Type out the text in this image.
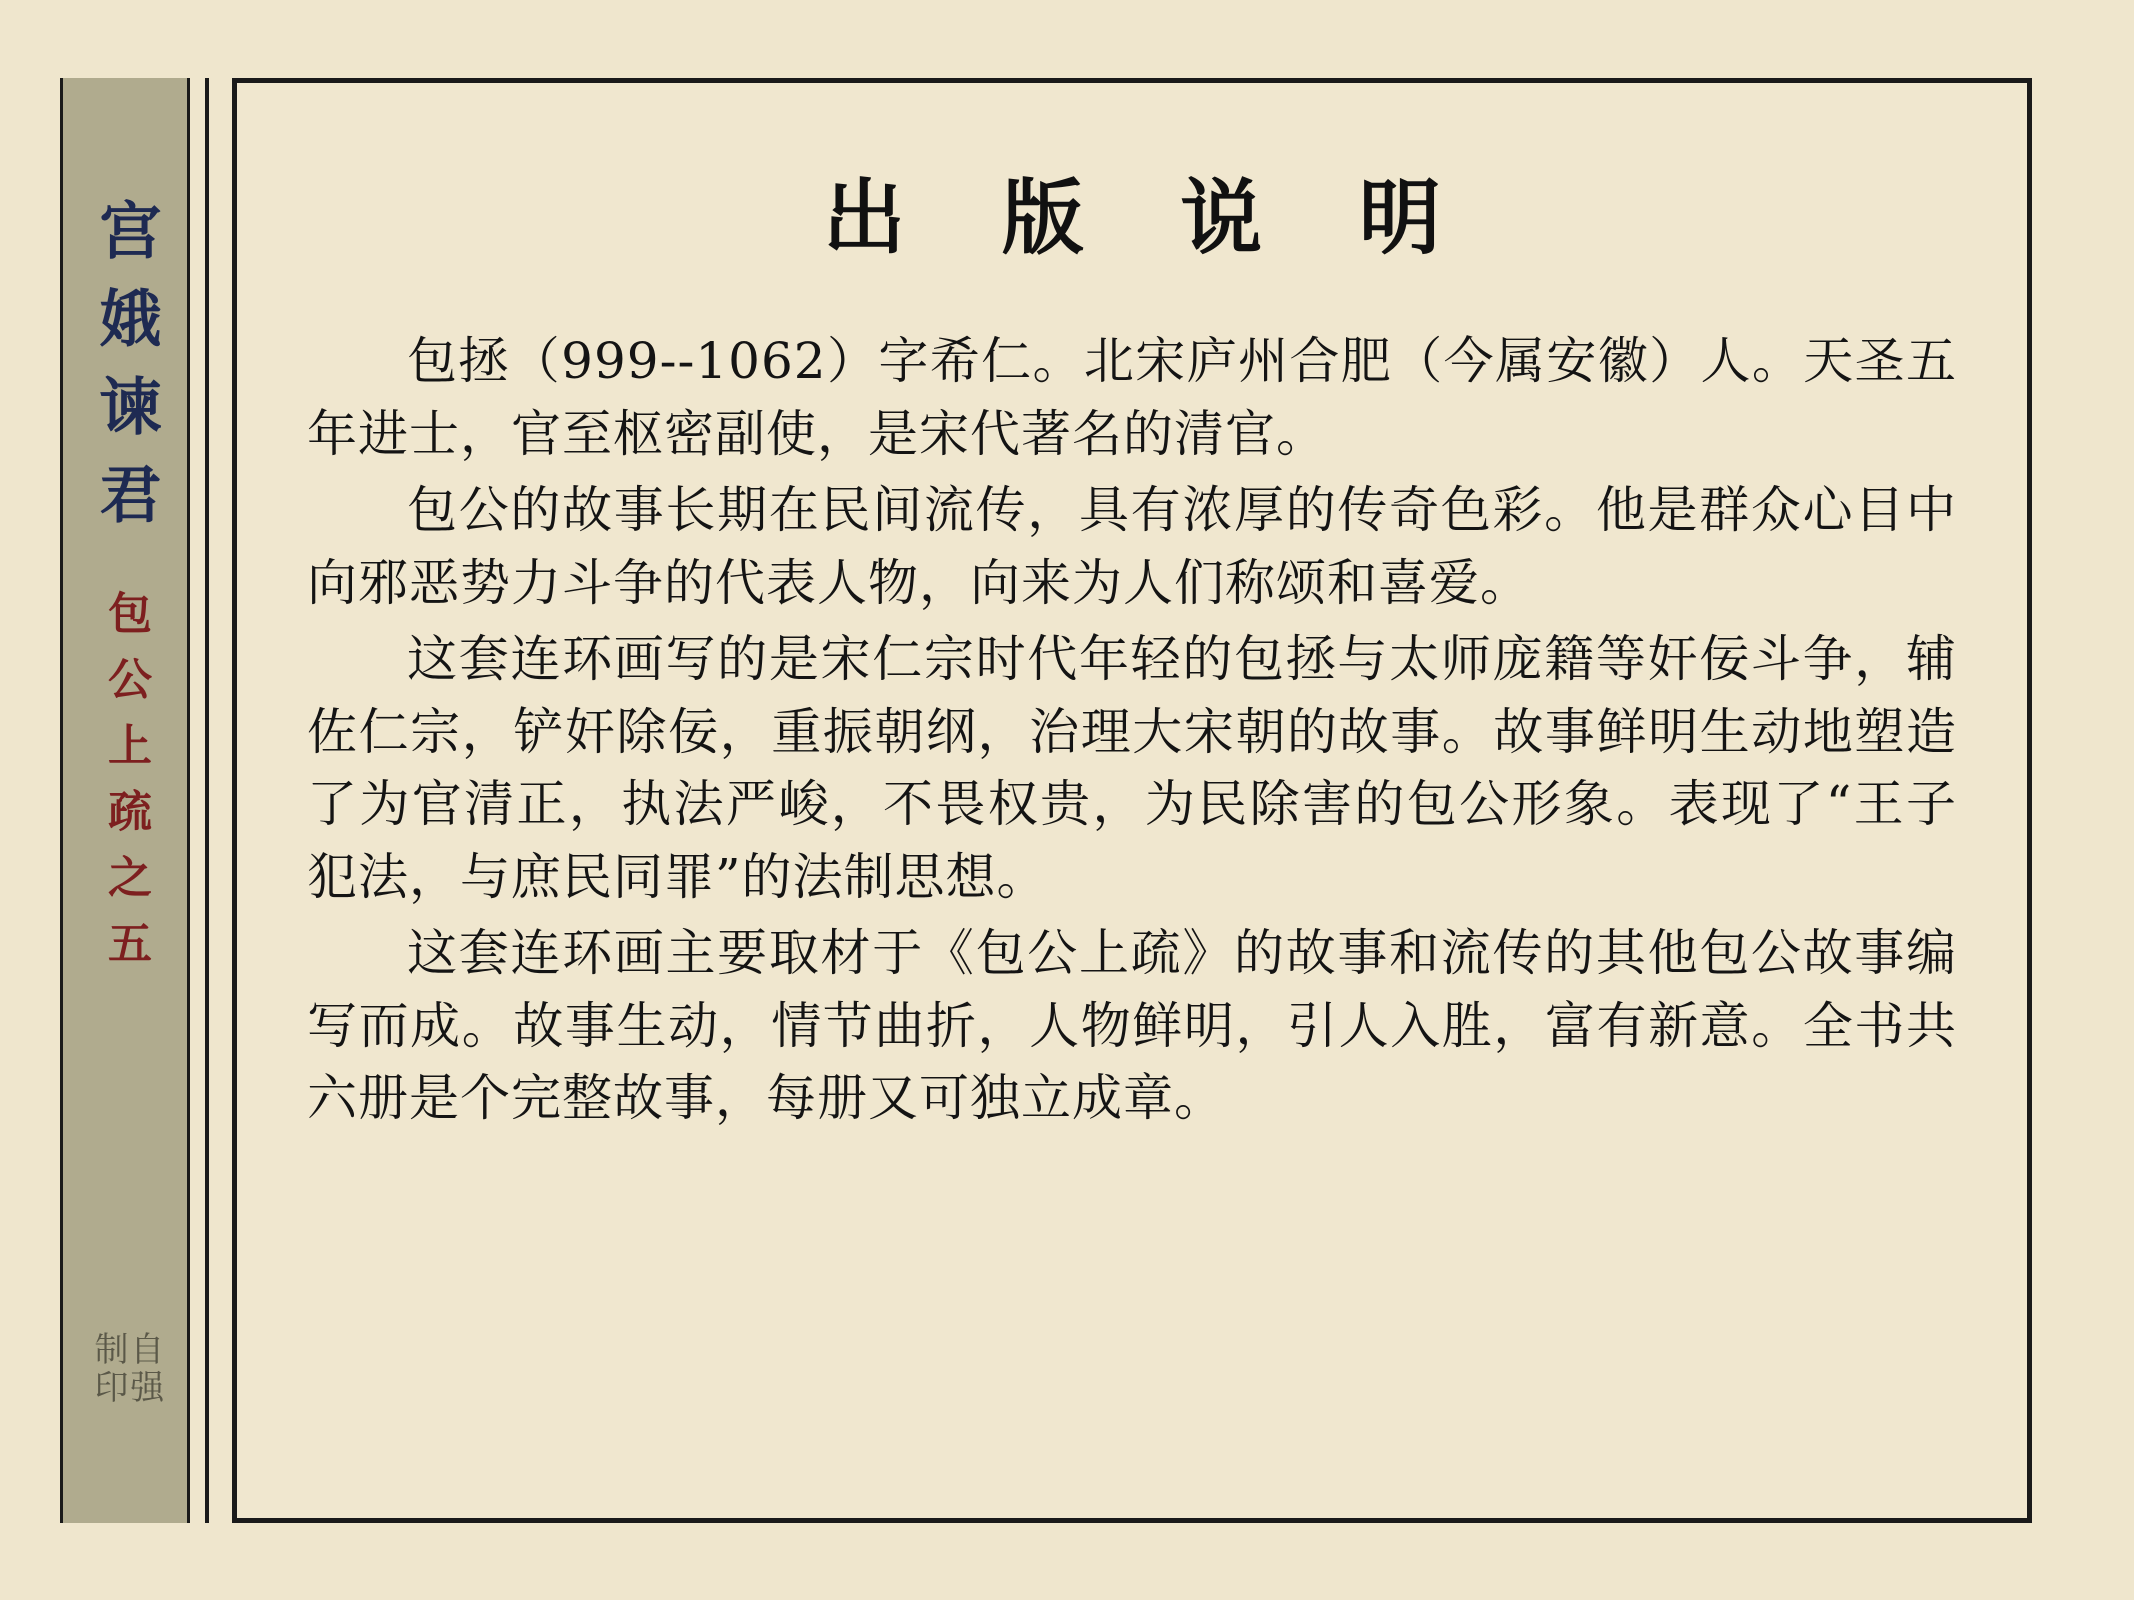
宫娥谏君
包公上疏之五
自强制印
出 版 说 明

包拯（999--1062）字希仁。北宋庐州合肥（今属安徽）人。天圣五年进士，官至枢密副使，是宋代著名的清官。

包公的故事长期在民间流传，具有浓厚的传奇色彩。他是群众心目中向邪恶势力斗争的代表人物，向来为人们称颂和喜爱。

这套连环画写的是宋仁宗时代年轻的包拯与太师庞籍等奸佞斗争，辅佐仁宗，铲奸除佞，重振朝纲，治理大宋朝的故事。故事鲜明生动地塑造了为官清正，执法严峻，不畏权贵，为民除害的包公形象。表现了“王子犯法，与庶民同罪”的法制思想。

这套连环画主要取材于《包公上疏》的故事和流传的其他包公故事编写而成。故事生动，情节曲折，人物鲜明，引人入胜，富有新意。全书共六册是个完整故事，每册又可独立成章。
